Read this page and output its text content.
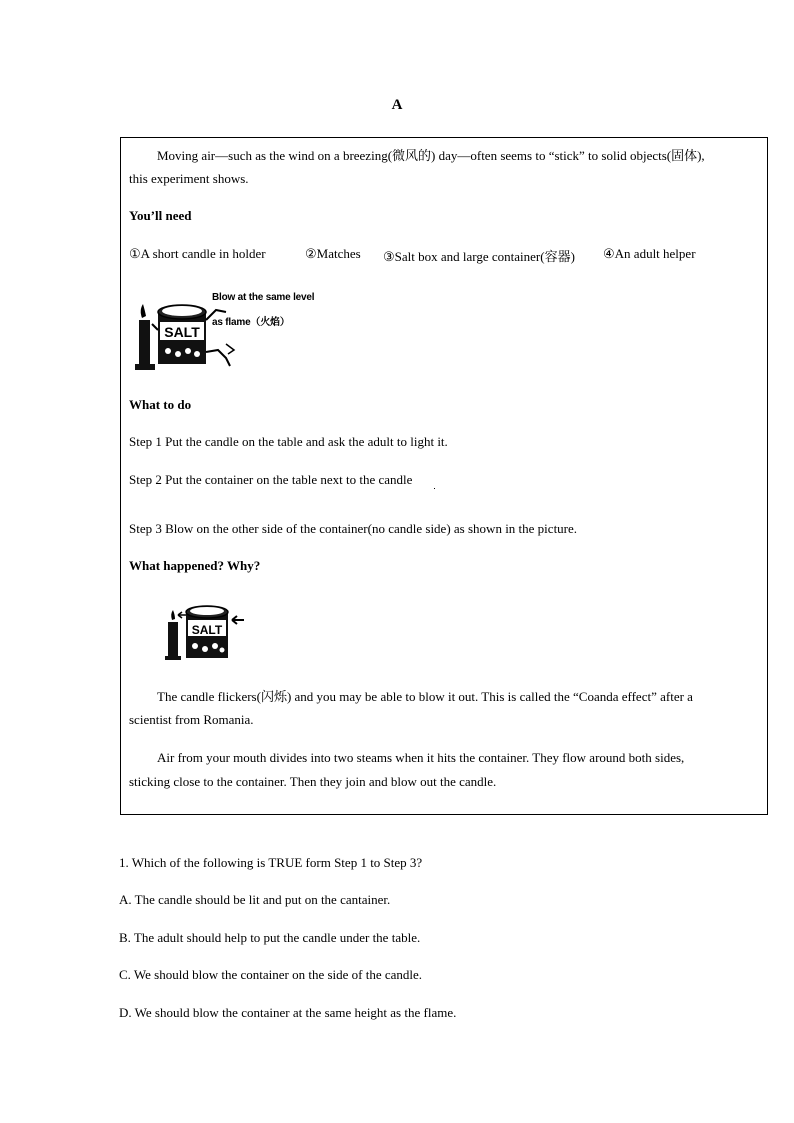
A
Moving air—such as the wind on a breezing(微风的) day—often seems to “stick” to solid objects(固体),
this experiment shows.
You’ll need
①A short candle in holder	②Matches ③Salt box and large container(容器) ④An adult helper
SALT
Blow at the same level
as flame（火焰）
What to do
Step 1 Put the candle on the table and ask the adult to light it.
Step 2 Put the container on the table next to the candle
Step 3 Blow on the other side of the container(no candle side) as shown in the picture.
What happened? Why?
SALT
The candle flickers(闪烁) and you may be able to blow it out. This is called the “Coanda effect” after a
scientist from Romania.
Air from your mouth divides into two steams when it hits the container. They flow around both sides,
sticking close to the container. Then they join and blow out the candle.
1. Which of the following is TRUE form Step 1 to Step 3?
A. The candle should be lit and put on the cantainer.
B. The adult should help to put the candle under the table.
C. We should blow the container on the side of the candle.
D. We should blow the container at the same height as the flame.
